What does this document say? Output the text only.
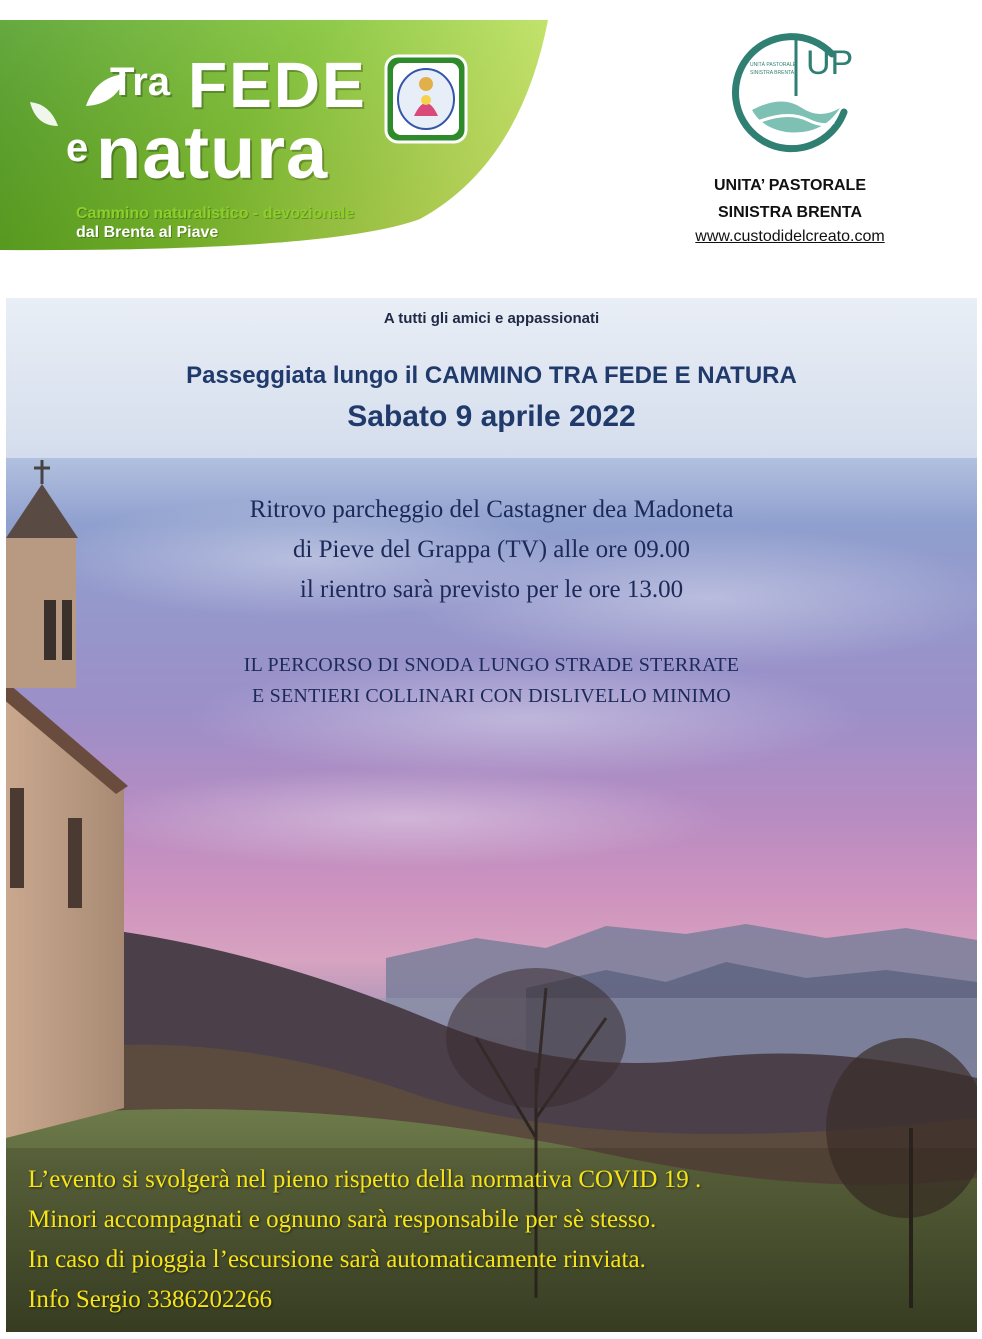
Tra FEDE
e natura
Cammino naturalistico - devozionale
dal Brenta al Piave
UP
UNITÀ PASTORALE
SINISTRA BRENTA
UNITA’ PASTORALE
SINISTRA BRENTA
www.custodidelcreato.com
A tutti gli amici e appassionati
Passeggiata lungo il CAMMINO TRA FEDE E NATURA
Sabato 9 aprile 2022
Ritrovo parcheggio del Castagner dea Madoneta
di Pieve del Grappa (TV) alle ore 09.00
il rientro sarà previsto per le ore 13.00
IL PERCORSO DI SNODA LUNGO STRADE STERRATE
E SENTIERI COLLINARI CON DISLIVELLO MINIMO
L’evento si svolgerà nel pieno rispetto della normativa COVID 19 .
Minori accompagnati e ognuno sarà responsabile per sè stesso.
In caso di pioggia l’escursione sarà automaticamente rinviata.
Info Sergio 3386202266
